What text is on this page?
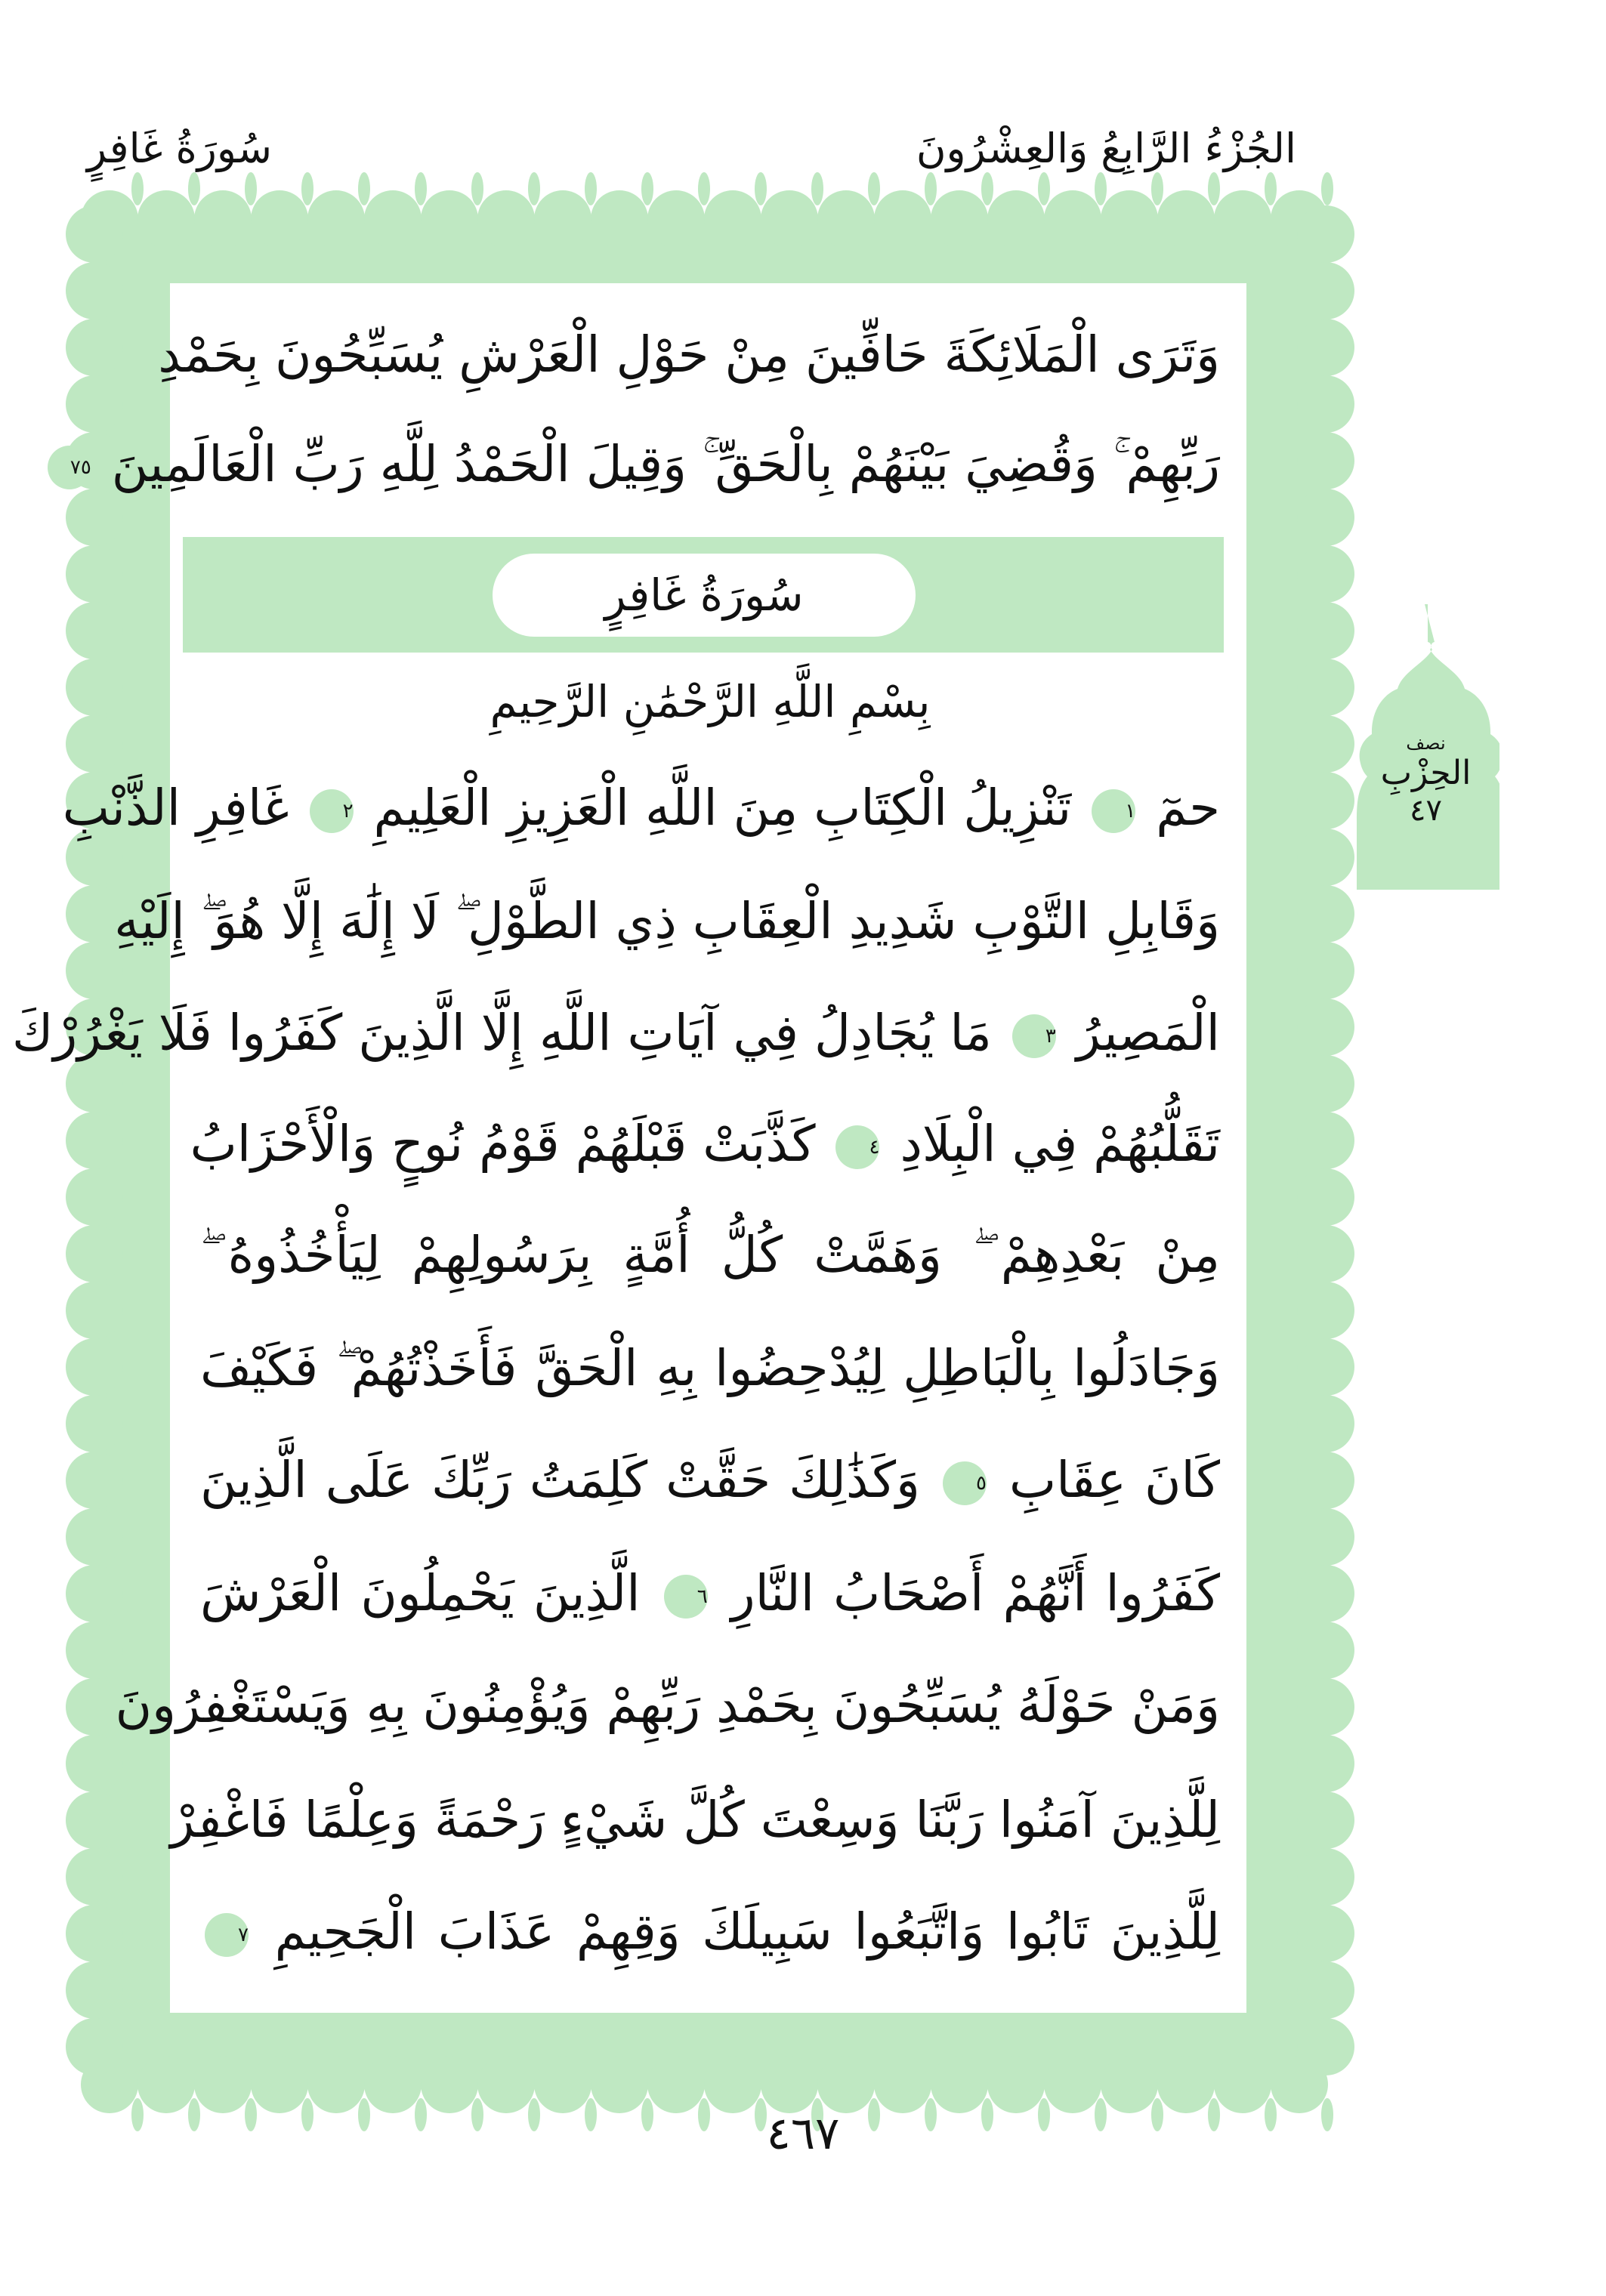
الجُزْءُ الرَّابِعُ وَالعِشْرُونَ
سُورَةُ غَافِرٍ
وَتَرَى الْمَلَائِكَةَ حَافِّينَ مِنْ حَوْلِ الْعَرْشِ يُسَبِّحُونَ بِحَمْدِ
رَبِّهِمْ ۚ وَقُضِيَ بَيْنَهُمْ بِالْحَقِّ ۚ وَقِيلَ الْحَمْدُ لِلَّهِ رَبِّ الْعَالَمِينَ ٧٥
سُورَةُ غَافِرٍ
بِسْمِ اللَّهِ الرَّحْمَٰنِ الرَّحِيمِ
حمٓ ١ تَنْزِيلُ الْكِتَابِ مِنَ اللَّهِ الْعَزِيزِ الْعَلِيمِ ٢ غَافِرِ الذَّنْبِ
وَقَابِلِ التَّوْبِ شَدِيدِ الْعِقَابِ ذِي الطَّوْلِ ۖ لَا إِلَٰهَ إِلَّا هُوَ ۖ إِلَيْهِ
الْمَصِيرُ ٣ مَا يُجَادِلُ فِي آيَاتِ اللَّهِ إِلَّا الَّذِينَ كَفَرُوا فَلَا يَغْرُرْكَ
تَقَلُّبُهُمْ فِي الْبِلَادِ ٤ كَذَّبَتْ قَبْلَهُمْ قَوْمُ نُوحٍ وَالْأَحْزَابُ
مِنْ بَعْدِهِمْ ۖ وَهَمَّتْ كُلُّ أُمَّةٍ بِرَسُولِهِمْ لِيَأْخُذُوهُ ۖ
وَجَادَلُوا بِالْبَاطِلِ لِيُدْحِضُوا بِهِ الْحَقَّ فَأَخَذْتُهُمْ ۖ فَكَيْفَ
كَانَ عِقَابِ ٥ وَكَذَٰلِكَ حَقَّتْ كَلِمَتُ رَبِّكَ عَلَى الَّذِينَ
كَفَرُوا أَنَّهُمْ أَصْحَابُ النَّارِ ٦ الَّذِينَ يَحْمِلُونَ الْعَرْشَ
وَمَنْ حَوْلَهُ يُسَبِّحُونَ بِحَمْدِ رَبِّهِمْ وَيُؤْمِنُونَ بِهِ وَيَسْتَغْفِرُونَ
لِلَّذِينَ آمَنُوا رَبَّنَا وَسِعْتَ كُلَّ شَيْءٍ رَحْمَةً وَعِلْمًا فَاغْفِرْ
لِلَّذِينَ تَابُوا وَاتَّبَعُوا سَبِيلَكَ وَقِهِمْ عَذَابَ الْجَحِيمِ ٧
نصف
الحِزْبِ
٤٧
٤٦٧
